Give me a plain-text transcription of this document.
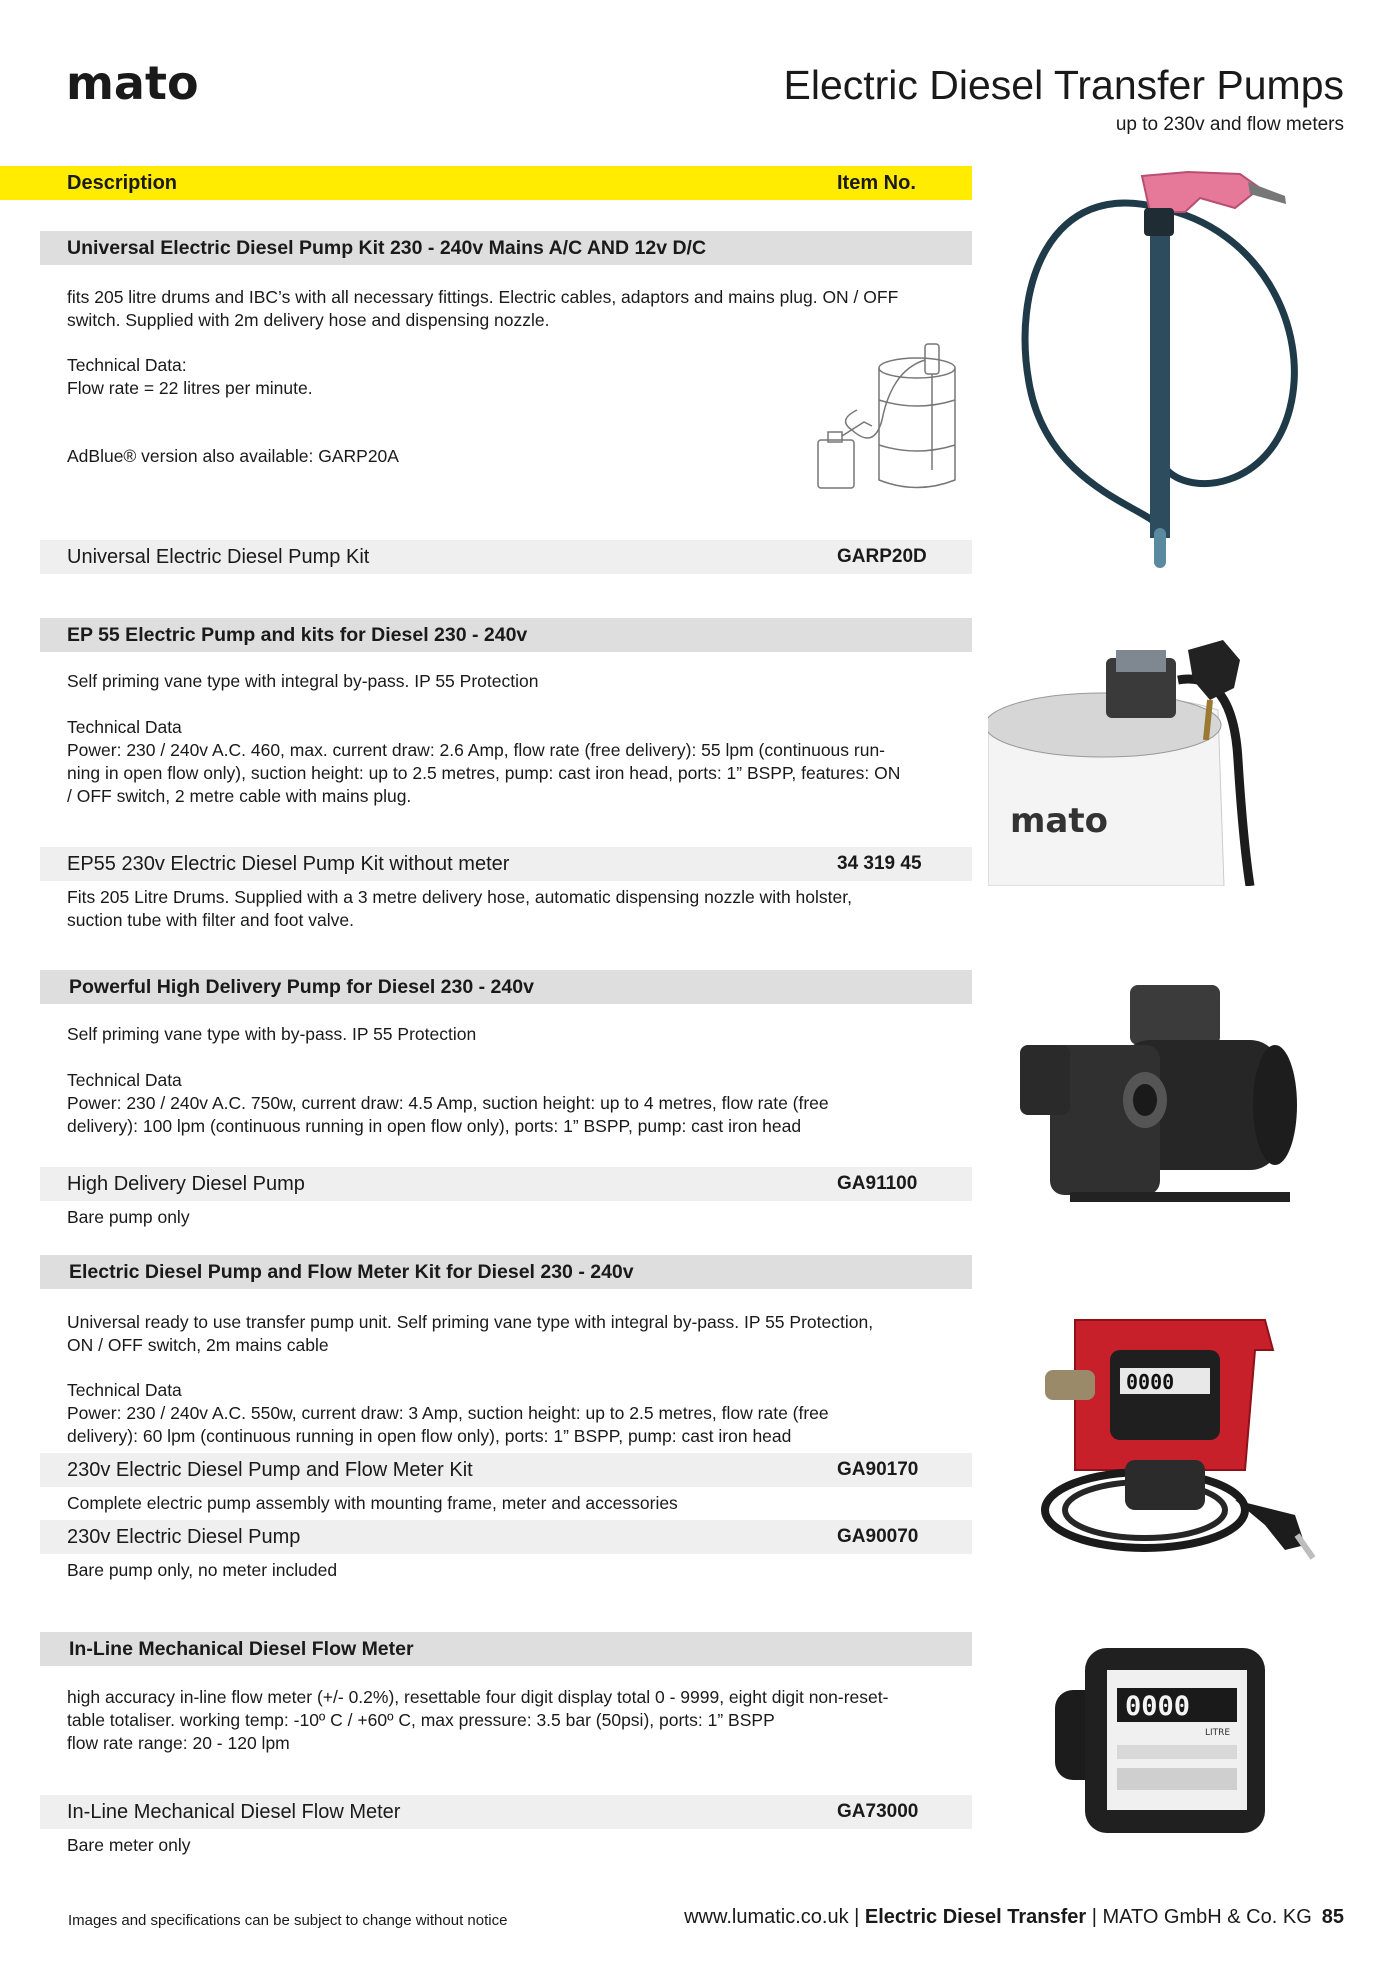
mato	Electric Diesel Transfer Pumps
up to 230v and flow meters
Description	Item No.
Universal Electric Diesel Pump Kit 230 - 240v Mains A/C AND 12v D/C
fits 205 litre drums and IBC’s with all necessary fittings. Electric cables, adaptors and mains plug. ON / OFF
switch. Supplied with 2m delivery hose and dispensing nozzle.
Technical Data:
Flow rate = 22 litres per minute.
AdBlue® version also available: GARP20A
Universal Electric Diesel Pump Kit	GARP20D
EP 55 Electric Pump and kits for Diesel 230 - 240v
Self priming vane type with integral by-pass. IP 55 Protection
Technical Data
Power: 230 / 240v A.C. 460, max. current draw: 2.6 Amp, flow rate (free delivery): 55 lpm (continuous run-
ning in open flow only), suction height: up to 2.5 metres, pump: cast iron head, ports: 1” BSPP, features: ON
/ OFF switch, 2 metre cable with mains plug.
EP55 230v Electric Diesel Pump Kit without meter	34 319 45
Fits 205 Litre Drums. Supplied with a 3 metre delivery hose, automatic dispensing nozzle with holster,
suction tube with filter and foot valve.
mato
Powerful High Delivery Pump for Diesel 230 - 240v
Self priming vane type with by-pass. IP 55 Protection
Technical Data
Power: 230 / 240v A.C. 750w, current draw: 4.5 Amp, suction height: up to 4 metres, flow rate (free
delivery): 100 lpm (continuous running in open flow only), ports: 1” BSPP, pump: cast iron head
High Delivery Diesel Pump	GA91100
Bare pump only
Electric Diesel Pump and Flow Meter Kit for Diesel 230 - 240v
Universal ready to use transfer pump unit. Self priming vane type with integral by-pass. IP 55 Protection,
ON / OFF switch, 2m mains cable
Technical Data
Power: 230 / 240v A.C. 550w, current draw: 3 Amp, suction height: up to 2.5 metres, flow rate (free
delivery): 60 lpm (continuous running in open flow only), ports: 1” BSPP, pump: cast iron head
230v Electric Diesel Pump and Flow Meter Kit	GA90170
Complete electric pump assembly with mounting frame, meter and accessories
230v Electric Diesel Pump	GA90070
Bare pump only, no meter included
0000
In-Line Mechanical Diesel Flow Meter
high accuracy in-line flow meter (+/- 0.2%), resettable four digit display total 0 - 9999, eight digit non-reset-
table totaliser. working temp: -10º C / +60º C, max pressure: 3.5 bar (50psi), ports: 1” BSPP
flow rate range: 20 - 120 lpm
In-Line Mechanical Diesel Flow Meter	GA73000
Bare meter only
0000
LITRE
Images and specifications can be subject to change without notice	www.lumatic.co.uk | Electric Diesel Transfer | MATO GmbH & Co. KG 85
